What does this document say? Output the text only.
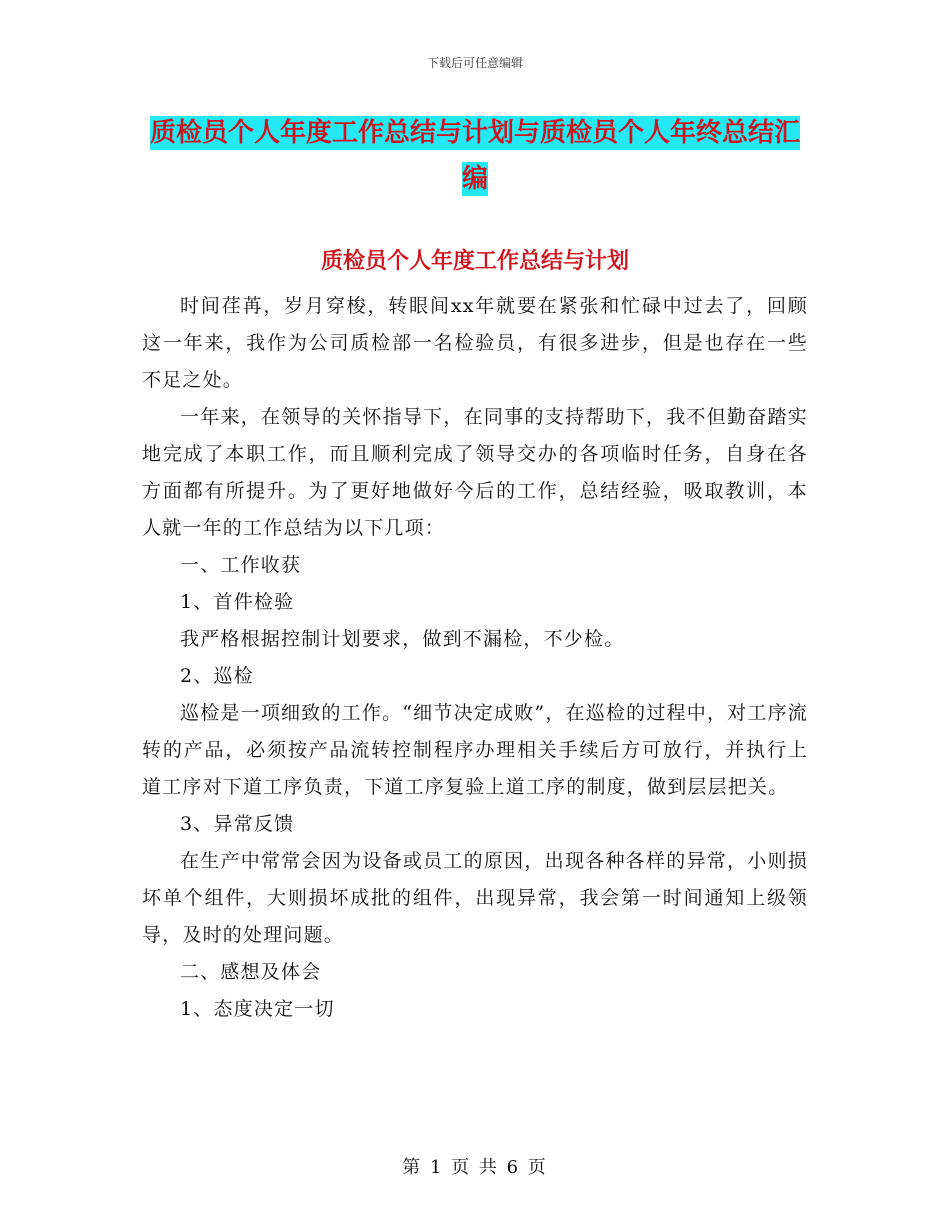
下载后可任意编辑
质检员个人年度工作总结与计划与质检员个人年终总结汇编
质检员个人年度工作总结与计划

时间荏苒，岁月穿梭，转眼间xx年就要在紧张和忙碌中过去了，回顾这一年来，我作为公司质检部一名检验员，有很多进步，但是也存在一些不足之处。

一年来，在领导的关怀指导下，在同事的支持帮助下，我不但勤奋踏实地完成了本职工作，而且顺利完成了领导交办的各项临时任务，自身在各方面都有所提升。为了更好地做好今后的工作，总结经验，吸取教训，本人就一年的工作总结为以下几项：

一、工作收获

1、首件检验

我严格根据控制计划要求，做到不漏检，不少检。

2、巡检

巡检是一项细致的工作。“细节决定成败”，在巡检的过程中，对工序流转的产品，必须按产品流转控制程序办理相关手续后方可放行，并执行上道工序对下道工序负责，下道工序复验上道工序的制度，做到层层把关。

3、异常反馈

在生产中常常会因为设备或员工的原因，出现各种各样的异常，小则损坏单个组件，大则损坏成批的组件，出现异常，我会第一时间通知上级领导，及时的处理问题。

二、感想及体会

1、态度决定一切

第 1 页 共 6 页
